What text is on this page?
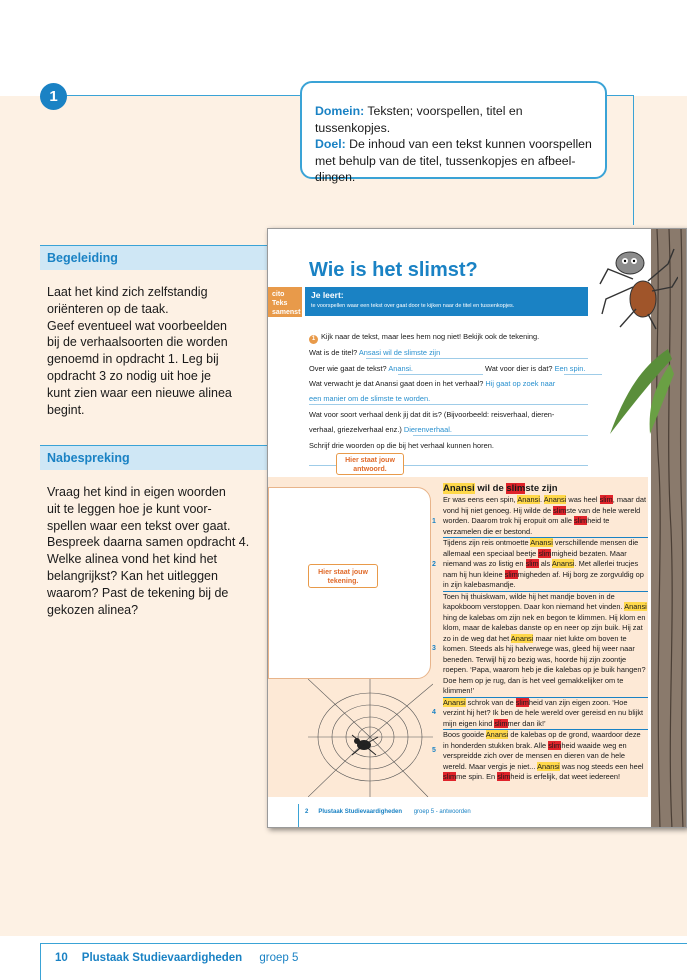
1
Domein: Teksten; voorspellen, titel en tussenkopjes.
Doel: De inhoud van een tekst kunnen voorspellen met behulp van de titel, tussenkopjes en afbeel-dingen.
Begeleiding
Laat het kind zich zelfstandig
oriënteren op de taak.
Geef eventueel wat voorbeelden
bij de verhaalsoorten die worden
genoemd in opdracht 1. Leg bij
opdracht 3 zo nodig uit hoe je
kunt zien waar een nieuwe alinea
begint.
Nabespreking
Vraag het kind in eigen woorden
uit te leggen hoe je kunt voor-
spellen waar een tekst over gaat.
Bespreek daarna samen opdracht 4.
Welke alinea vond het kind het
belangrijkst? Kan het uitleggen
waarom? Past de tekening bij de
gekozen alinea?
cito Teks samenst
Wie is het slimst?
Je leert:
te voorspellen waar een tekst over gaat door te kijken naar de titel en tussenkopjes.
1 Kijk naar de tekst, maar lees hem nog niet! Bekijk ook de tekening.
Wat is de titel? Ansasi wil de slimste zijn
Over wie gaat de tekst? Anansi.	Wat voor dier is dat? Een spin.
Wat verwacht je dat Anansi gaat doen in het verhaal? Hij gaat op zoek naar
een manier om de slimste te worden.
Wat voor soort verhaal denk jij dat dit is? (Bijvoorbeeld: reisverhaal, dieren-
verhaal, griezelverhaal enz.) Dierenverhaal.
Schrijf drie woorden op die bij het verhaal kunnen horen.
Hier staat jouw antwoord.
Hier staat jouw tekening.
Anansi wil de slimste zijn
1
Er was eens een spin, Anansi. Anansi was heel slim, maar dat vond hij niet genoeg. Hij wilde de slimste van de hele wereld worden. Daarom trok hij eropuit om alle slimheid te verzamelen die er bestond.
2
Tijdens zijn reis ontmoette Anansi verschillende mensen die allemaal een speciaal beetje slimmigheid bezaten. Maar niemand was zo listig en slim als Anansi. Met allerlei trucjes nam hij hun kleine slimmigheden af. Hij borg ze zorgvuldig op in zijn kalebasmandje.
3
Toen hij thuiskwam, wilde hij het mandje boven in de kapokboom verstoppen. Daar kon niemand het vinden. Anansi hing de kalebas om zijn nek en begon te klimmen. Hij klom en klom, maar de kalebas danste op en neer op zijn buik. Hij zat zo in de weg dat het Anansi maar niet lukte om boven te komen. Steeds als hij halverwege was, gleed hij weer naar beneden. Terwijl hij zo bezig was, hoorde hij zijn zoontje roepen. ‘Papa, waarom heb je die kalebas op je buik hangen? Doe hem op je rug, dan is het veel gemakkelijker om te klimmen!’
4
Anansi schrok van de slimheid van zijn eigen zoon. ‘Hoe verzint hij het? Ik ben de hele wereld over gereisd en nu blijkt mijn eigen kind slimmer dan ik!’
5
Boos gooide Anansi de kalebas op de grond, waardoor deze in honderden stukken brak. Alle slimheid waaide weg en verspreidde zich over de mensen en dieren van de hele wereld. Maar vergis je niet... Anansi was nog steeds een heel slimme spin. En slimheid is erfelijk, dat weet iedereen!
2 Plustaak Studievaardigheden groep 5 - antwoorden
10 Plustaak Studievaardigheden groep 5
